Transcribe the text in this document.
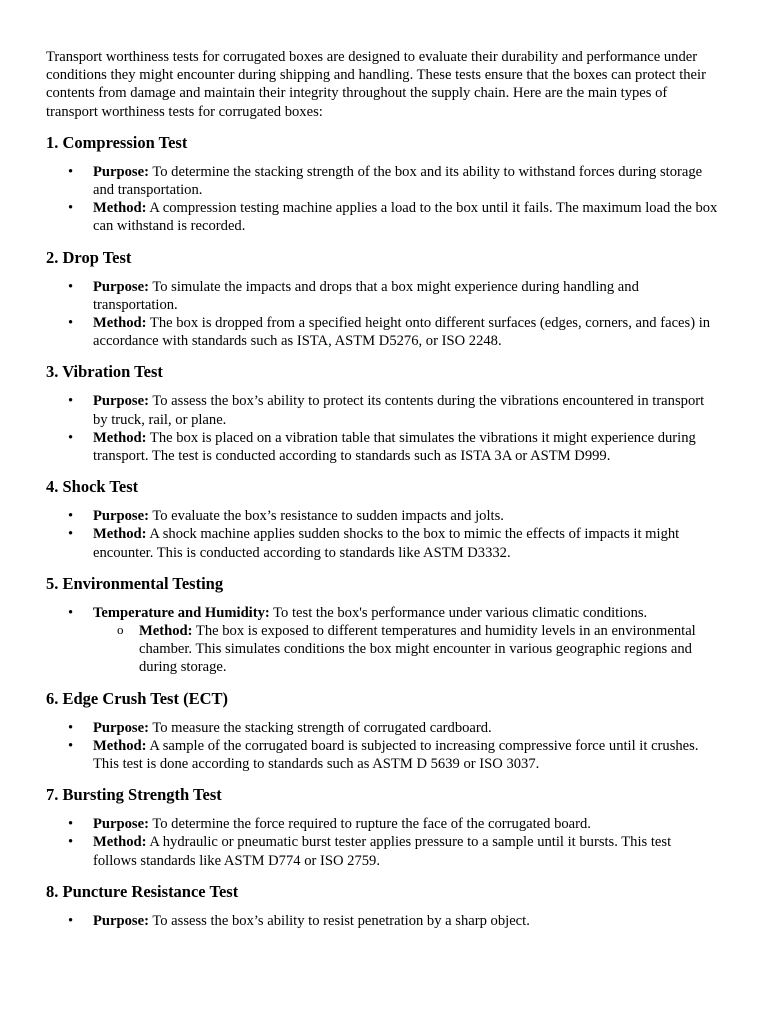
Transport worthiness tests for corrugated boxes are designed to evaluate their durability and performance under conditions they might encounter during shipping and handling. These tests ensure that the boxes can protect their contents from damage and maintain their integrity throughout the supply chain. Here are the main types of transport worthiness tests for corrugated boxes:

1. Compression Test
• Purpose: To determine the stacking strength of the box and its ability to withstand forces during storage and transportation.
• Method: A compression testing machine applies a load to the box until it fails. The maximum load the box can withstand is recorded.
2. Drop Test
• Purpose: To simulate the impacts and drops that a box might experience during handling and transportation.
• Method: The box is dropped from a specified height onto different surfaces (edges, corners, and faces) in accordance with standards such as ISTA, ASTM D5276, or ISO 2248.
3. Vibration Test
• Purpose: To assess the box’s ability to protect its contents during the vibrations encountered in transport by truck, rail, or plane.
• Method: The box is placed on a vibration table that simulates the vibrations it might experience during transport. The test is conducted according to standards such as ISTA 3A or ASTM D999.
4. Shock Test
• Purpose: To evaluate the box’s resistance to sudden impacts and jolts.
• Method: A shock machine applies sudden shocks to the box to mimic the effects of impacts it might encounter. This is conducted according to standards like ASTM D3332.
5. Environmental Testing
• Temperature and Humidity: To test the box's performance under various climatic conditions.
o Method: The box is exposed to different temperatures and humidity levels in an environmental chamber. This simulates conditions the box might encounter in various geographic regions and during storage.
6. Edge Crush Test (ECT)
• Purpose: To measure the stacking strength of corrugated cardboard.
• Method: A sample of the corrugated board is subjected to increasing compressive force until it crushes. This test is done according to standards such as ASTM D 5639 or ISO 3037.
7. Bursting Strength Test
• Purpose: To determine the force required to rupture the face of the corrugated board.
• Method: A hydraulic or pneumatic burst tester applies pressure to a sample until it bursts. This test follows standards like ASTM D774 or ISO 2759.
8. Puncture Resistance Test
• Purpose: To assess the box’s ability to resist penetration by a sharp object.
